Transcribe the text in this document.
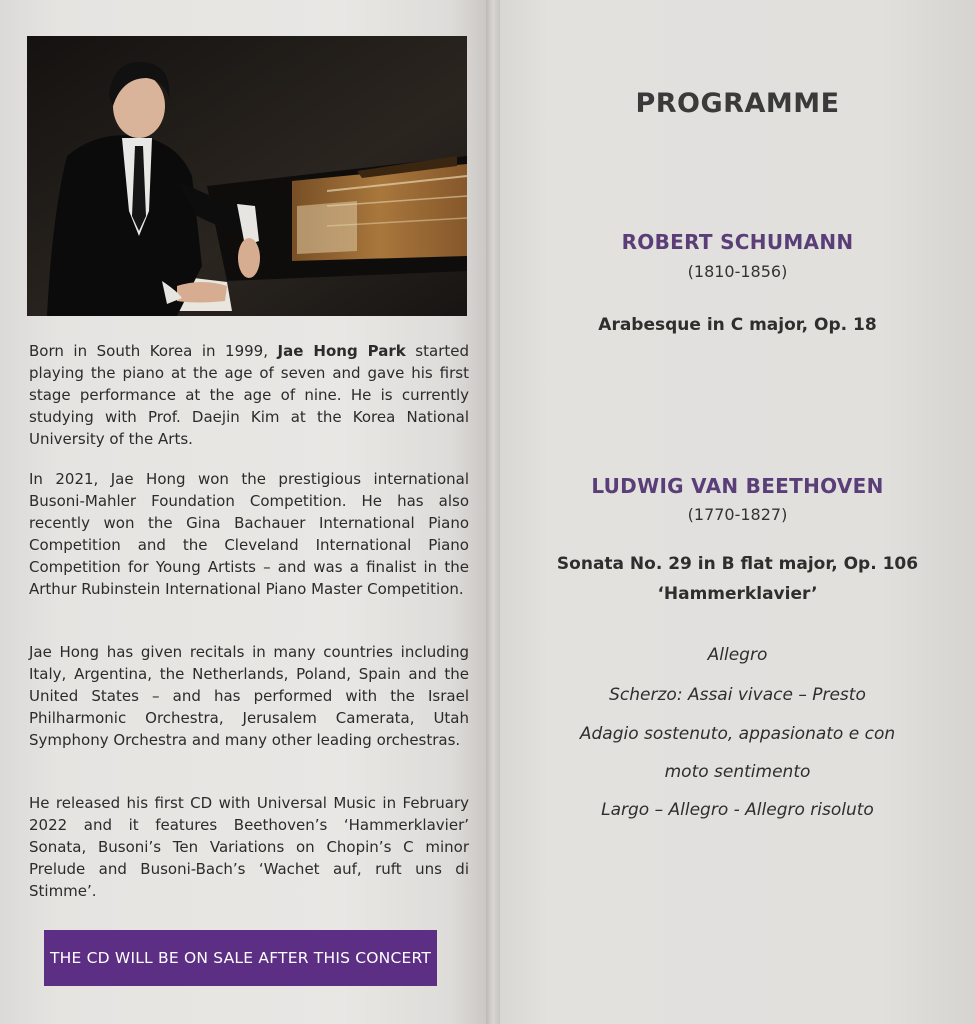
Born in South Korea in 1999, Jae Hong Park started playing the piano at the age of seven and gave his first stage performance at the age of nine. He is currently studying with Prof. Daejin Kim at the Korea National University of the Arts.

In 2021, Jae Hong won the prestigious international Busoni-Mahler Foundation Competition. He has also recently won the Gina Bachauer International Piano Competition and the Cleveland International Piano Competition for Young Artists – and was a finalist in the Arthur Rubinstein International Piano Master Competition.

Jae Hong has given recitals in many countries including Italy, Argentina, the Netherlands, Poland, Spain and the United States – and has performed with the Israel Philharmonic Orchestra, Jerusalem Camerata, Utah Symphony Orchestra and many other leading orchestras.

He released his first CD with Universal Music in February 2022 and it features Beethoven’s ‘Hammerklavier’ Sonata, Busoni’s Ten Variations on Chopin’s C minor Prelude and Busoni-Bach’s ‘Wachet auf, ruft uns di Stimme’.

THE CD WILL BE ON SALE AFTER THIS CONCERT
PROGRAMME
ROBERT SCHUMANN
(1810-1856)
Arabesque in C major, Op. 18
LUDWIG VAN BEETHOVEN
(1770-1827)
Sonata No. 29 in B flat major, Op. 106
‘Hammerklavier’
Allegro
Scherzo: Assai vivace – Presto
Adagio sostenuto, appasionato e con
moto sentimento
Largo – Allegro - Allegro risoluto
